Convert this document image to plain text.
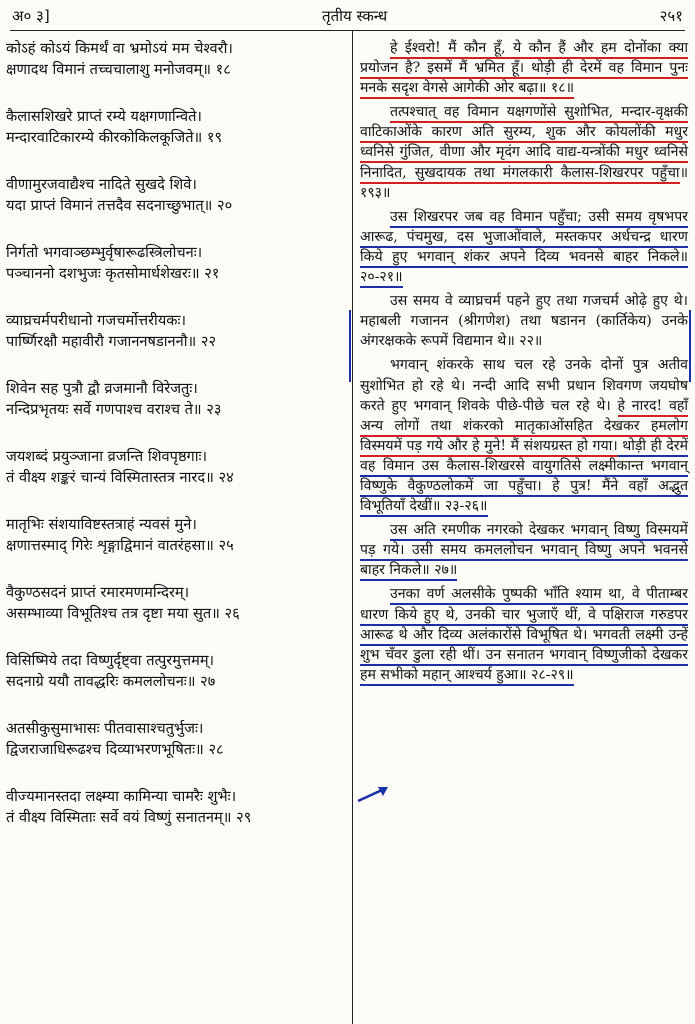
अ० ३]	तृतीय स्कन्ध	२५१
कोऽहं कोऽयं किमर्थं वा भ्रमोऽयं मम चेश्वरौ।
क्षणादथ विमानं तच्चचालाशु मनोजवम्॥ १८
कैलासशिखरे प्राप्तं रम्ये यक्षगणान्विते।
मन्दारवाटिकारम्ये कीरकोकिलकूजिते॥ १९
वीणामुरजवाद्यैश्च नादिते सुखदे शिवे।
यदा प्राप्तं विमानं तत्तदैव सदनाच्छुभात्॥ २०
निर्गतो भगवाञ्छम्भुर्वृषारूढस्त्रिलोचनः।
पञ्चाननो दशभुजः कृतसोमार्धशेखरः॥ २१
व्याघ्रचर्मपरीधानो गजचर्मोत्तरीयकः।
पार्ष्णिरक्षौ महावीरौ गजाननषडाननौ॥ २२
शिवेन सह पुत्रौ द्वौ व्रजमानौ विरेजतुः।
नन्दिप्रभृतयः सर्वे गणपाश्च वराश्च ते॥ २३
जयशब्दं प्रयुञ्जाना व्रजन्ति शिवपृष्ठगाः।
तं वीक्ष्य शङ्करं चान्यं विस्मितास्तत्र नारद॥ २४
मातृभिः संशयाविष्टस्तत्राहं न्यवसं मुने।
क्षणात्तस्माद् गिरेः शृङ्गाद्विमानं वातरंहसा॥ २५
वैकुण्ठसदनं प्राप्तं रमारमणमन्दिरम्।
असम्भाव्या विभूतिश्च तत्र दृष्टा मया सुत॥ २६
विसिष्मिये तदा विष्णुर्दृष्ट्वा तत्पुरमुत्तमम्।
सदनाग्रे ययौ तावद्धरिः कमललोचनः॥ २७
अतसीकुसुमाभासः पीतवासाश्चतुर्भुजः।
द्विजराजाधिरूढश्च दिव्याभरणभूषितः॥ २८
वीज्यमानस्तदा लक्ष्म्या कामिन्या चामरैः शुभैः।
तं वीक्ष्य विस्मिताः सर्वे वयं विष्णुं सनातनम्॥ २९

हे ईश्वरो! मैं कौन हूँ, ये कौन हैं और हम दोनोंका क्या प्रयोजन है? इसमें मैं भ्रमित हूँ। थोड़ी ही देरमें वह विमान पुनः मनके सदृश वेगसे आगेकी ओर बढ़ा॥ १८॥

तत्पश्चात् वह विमान यक्षगणोंसे सुशोभित, मन्दार-वृक्षकी वाटिकाओंके कारण अति सुरम्य, शुक और कोयलोंकी मधुर ध्वनिसे गुंजित, वीणा और मृदंग आदि वाद्य-यन्त्रोंकी मधुर ध्वनिसे निनादित, सुखदायक तथा मंगलकारी कैलास-शिखरपर पहुँचा॥ १९३॥

उस शिखरपर जब वह विमान पहुँचा; उसी समय वृषभपर आरूढ, पंचमुख, दस भुजाओंवाले, मस्तकपर अर्धचन्द्र धारण किये हुए भगवान् शंकर अपने दिव्य भवनसे बाहर निकले॥ २०-२१॥

उस समय वे व्याघ्रचर्म पहने हुए तथा गजचर्म ओढ़े हुए थे। महाबली गजानन (श्रीगणेश) तथा षडानन (कार्तिकेय) उनके अंगरक्षकके रूपमें विद्यमान थे॥ २२॥

भगवान् शंकरके साथ चल रहे उनके दोनों पुत्र अतीव सुशोभित हो रहे थे। नन्दी आदि सभी प्रधान शिवगण जयघोष करते हुए भगवान् शिवके पीछे-पीछे चल रहे थे। हे नारद! वहाँ अन्य लोगों तथा शंकरको मातृकाओंसहित देखकर हमलोग विस्मयमें पड़ गये और हे मुने! मैं संशयग्रस्त हो गया। थोड़ी ही देरमें वह विमान उस कैलास-शिखरसे वायुगतिसे लक्ष्मीकान्त भगवान् विष्णुके वैकुण्ठलोकमें जा पहुँचा। हे पुत्र! मैंने वहाँ अद्भुत विभूतियाँ देखीं॥ २३-२६॥

उस अति रमणीक नगरको देखकर भगवान् विष्णु विस्मयमें पड़ गये। उसी समय कमललोचन भगवान् विष्णु अपने भवनसे बाहर निकले॥ २७॥

उनका वर्ण अलसीके पुष्पकी भाँति श्याम था, वे पीताम्बर धारण किये हुए थे, उनकी चार भुजाएँ थीं, वे पक्षिराज गरुडपर आरूढ थे और दिव्य अलंकारोंसे विभूषित थे। भगवती लक्ष्मी उन्हें शुभ चँवर डुला रही थीं। उन सनातन भगवान् विष्णुजीको देखकर हम सभीको महान् आश्चर्य हुआ॥ २८-२९॥
